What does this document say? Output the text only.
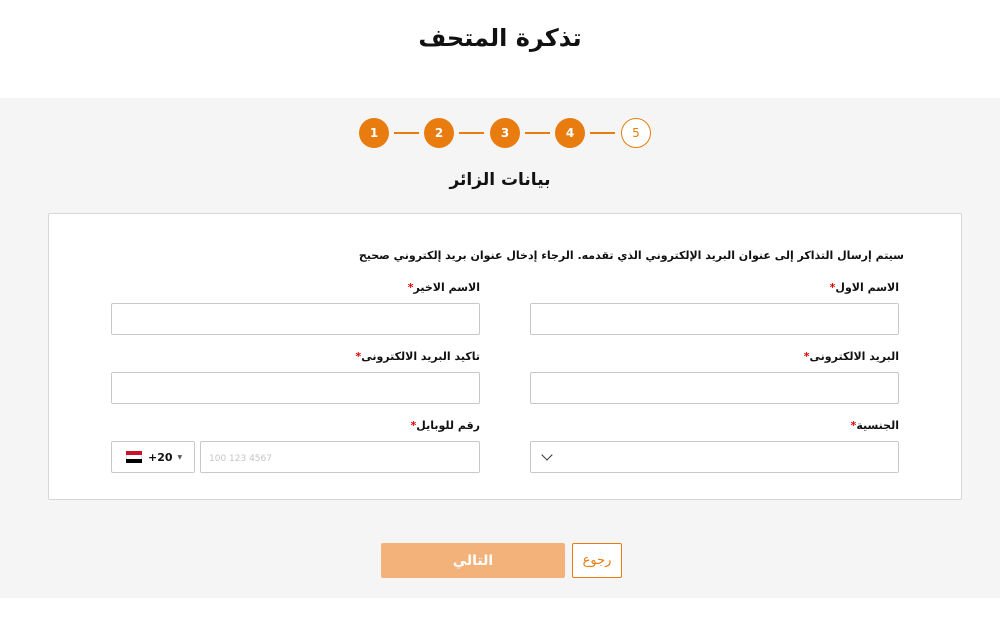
تذكرة المتحف
1	2	3	4	5
بيانات الزائر
سيتم إرسال التذاكر إلى عنوان البريد الإلكتروني الذي تقدمه. الرجاء إدخال عنوان بريد إلكتروني صحيح
الاسم الاول*
الاسم الاخير*
البريد الالكترونى*
تاكيد البريد الالكترونى*
الجنسية*
رقم للوبايل*
+20 ▼
100 123 4567
التالي	رجوع
